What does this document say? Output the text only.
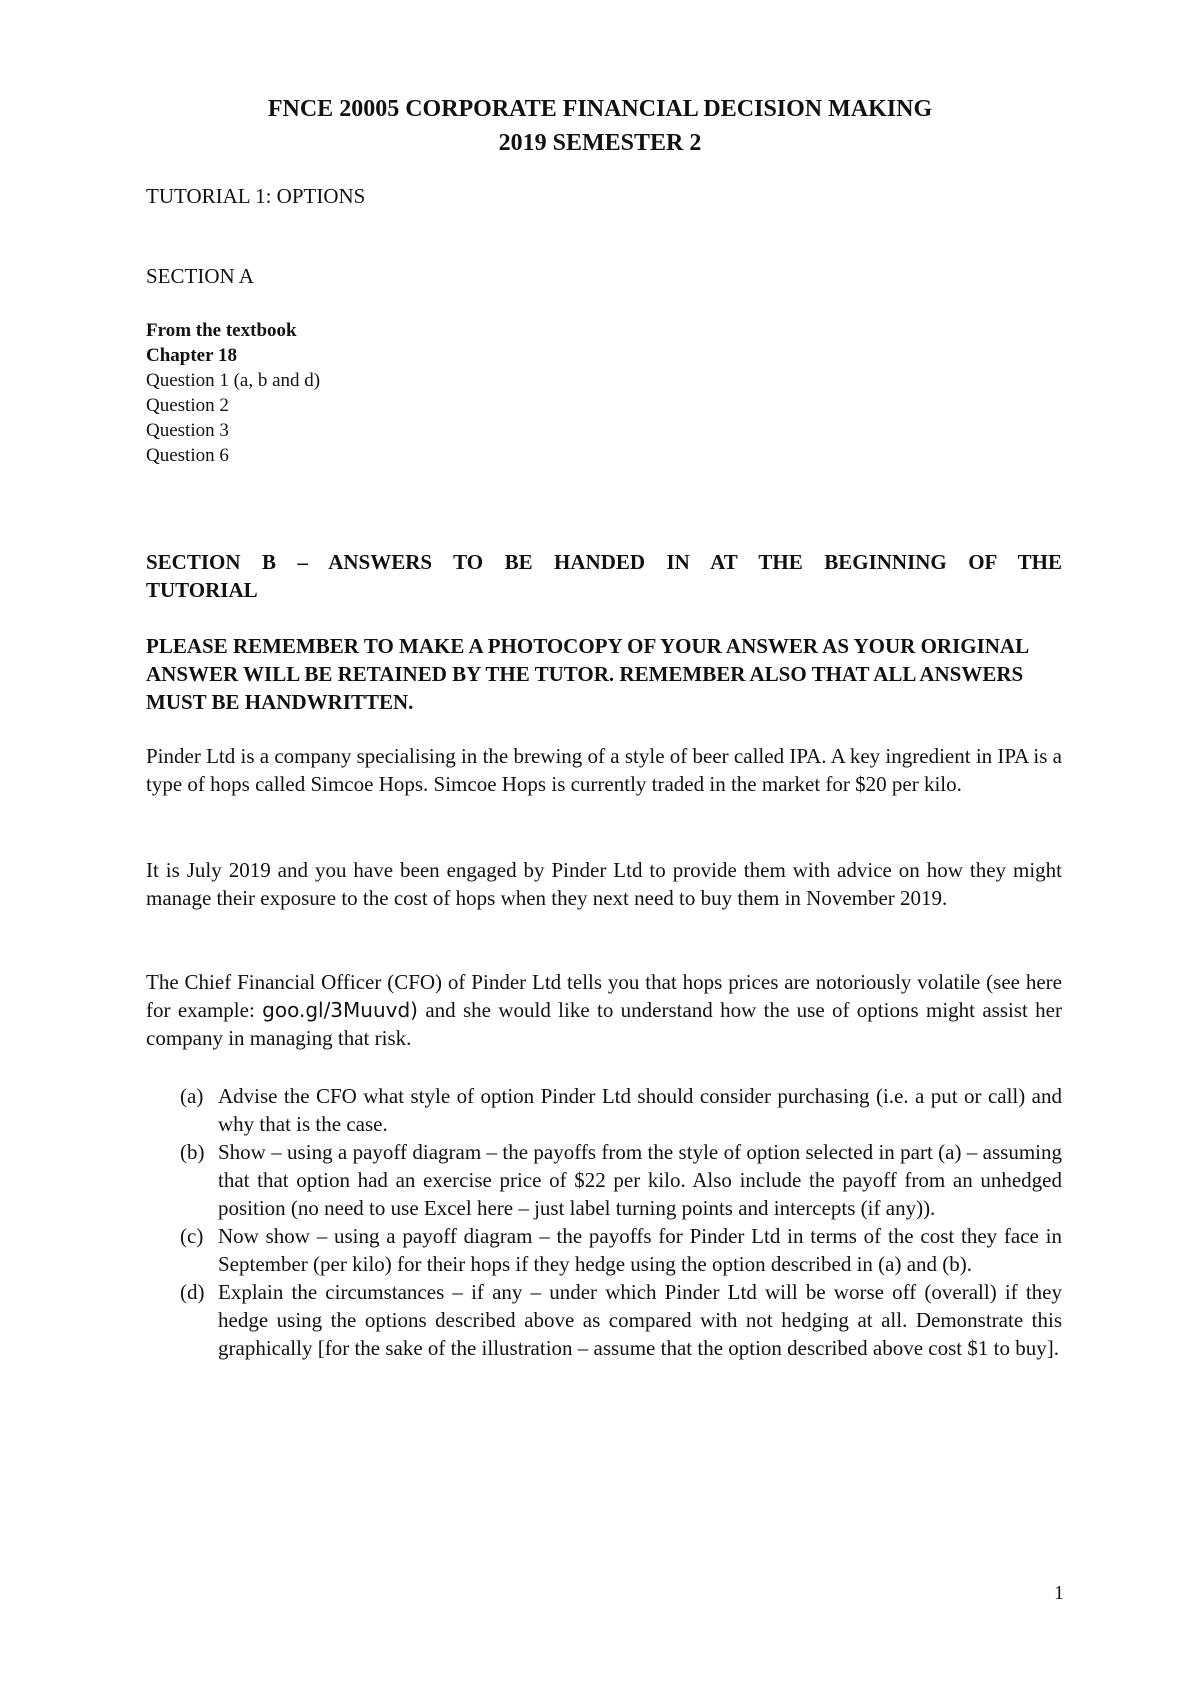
FNCE 20005 CORPORATE FINANCIAL DECISION MAKING
2019 SEMESTER 2
TUTORIAL 1: OPTIONS
SECTION A
From the textbook
Chapter 18
Question 1 (a, b and d)
Question 2
Question 3
Question 6
SECTION B – ANSWERS TO BE HANDED IN AT THE BEGINNING OF THE
TUTORIAL
PLEASE REMEMBER TO MAKE A PHOTOCOPY OF YOUR ANSWER AS YOUR ORIGINAL ANSWER WILL BE RETAINED BY THE TUTOR. REMEMBER ALSO THAT ALL ANSWERS MUST BE HANDWRITTEN.
Pinder Ltd is a company specialising in the brewing of a style of beer called IPA. A key ingredient in IPA is a type of hops called Simcoe Hops. Simcoe Hops is currently traded in the market for $20 per kilo.
It is July 2019 and you have been engaged by Pinder Ltd to provide them with advice on how they might manage their exposure to the cost of hops when they next need to buy them in November 2019.
The Chief Financial Officer (CFO) of Pinder Ltd tells you that hops prices are notoriously volatile (see here for example: goo.gl/3Muuvd) and she would like to understand how the use of options might assist her company in managing that risk.
(a) Advise the CFO what style of option Pinder Ltd should consider purchasing (i.e. a put or call) and why that is the case.
(b) Show – using a payoff diagram – the payoffs from the style of option selected in part (a) – assuming that that option had an exercise price of $22 per kilo. Also include the payoff from an unhedged position (no need to use Excel here – just label turning points and intercepts (if any)).
(c) Now show – using a payoff diagram – the payoffs for Pinder Ltd in terms of the cost they face in September (per kilo) for their hops if they hedge using the option described in (a) and (b).
(d) Explain the circumstances – if any – under which Pinder Ltd will be worse off (overall) if they hedge using the options described above as compared with not hedging at all. Demonstrate this graphically [for the sake of the illustration – assume that the option described above cost $1 to buy].
1
